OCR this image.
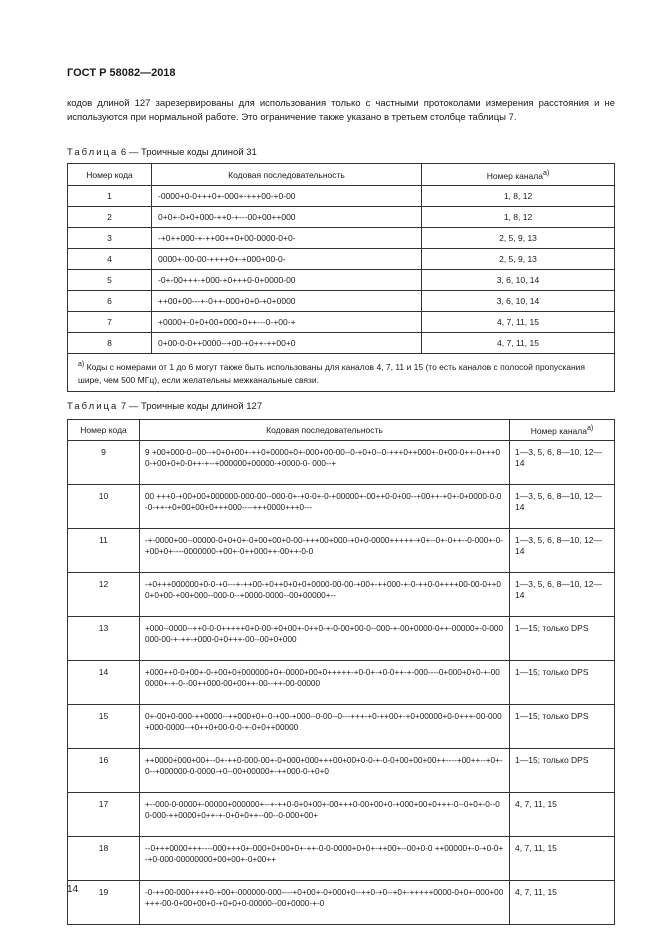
ГОСТ Р 58082—2018

кодов длиной 127 зарезервированы для использования только с частными протоколами измерения расстояния и не используются при нормальной работе. Это ограничение также указано в третьем столбце таблицы 7.

Таблица 6 — Троичные коды длиной 31
Номер кода	Кодовая последовательность	Номер канала$^{a)}$
1	-0000+0-0+++0+-000+-+++00-+0-00	1, 8, 12
2	0+0+-0+0+000-++0-+---00+00++000	1, 8, 12
3	-+0++000-+-++00++0+00-0000-0+0-	2, 5, 9, 13
4	0000+-00-00-++++0+-+000+00-0-	2, 5, 9, 13
5	-0+-00+++-+000-+0+++0-0+0000-00	3, 6, 10, 14
6	++00+00---+-0++-000+0+0-+0+0000	3, 6, 10, 14
7	+0000+-0+0+00+000+0++---0-+00-+	4, 7, 11, 15
8	0+00-0-0++0000--+00-+0++-++00+0	4, 7, 11, 15
$^{a)}$ Коды с номерами от 1 до 6 могут также быть использованы для каналов 4, 7, 11 и 15 (то есть каналов с полосой пропускания шире, чем 500 МГц), если желательны межканальные связи.		
Таблица 7 — Троичные коды длиной 127
Номер кода	Кодовая последовательность	Номер канала$^{a)}$
9	9 +00+000-0--00--+0+0+00+-++0+0000+0+-000+00-00--0-+0+0--0-+++0++000+-0+00-0++-0+++00-+00+0+0-0++-+--+000000+00000-+0000-0- 000--+	1—3, 5, 6, 8—10, 12— 14
10	00 +++0-+00+00+000000-000-00--000-0+-+0-0+-0-+00000+-00++0-0+00--+00++-+0+-0+0000-0-0-0-++-+0+00+00+0+++000----+++0000+++0---	1—3, 5, 6, 8—10, 12—14
11	-+-0000+00--00000-0+0+0+-0+00+00+0-00-+++00+000-+0+0-0000+++++-+0+--0+-0++--0-000+-0-+00+0+----0000000-+00+-0++000++-00++-0-0	1—3, 5, 6, 8—10, 12—14
12	-+0+++000000+0-0-+0---+-++00-+0++0+0+0+0000-00-00-+00+-++000-+-0-++0-0++++00-00-0++00+0+00-+00+000--000-0--+0000-0000--00+00000+--	1—3, 5, 6, 8—10, 12—14
13	+000--0000--++0-0-0+++++0+0-00-+0+00+-0++0-+-0-00+00-0--000-+-00+0000-0++-00000+-0-000000-00-+-++-+000-0+0+++-00--00+0+000	1—15; только DPS
14	+000++0-0+00+-0-+00+0+000000+0+-0000+00+0+++++-+0-0+-+0-0++-+-000----0+000+0+0-+-000000+-+-0--00++000-00+00++-00--++-00-00000	1—15; только DPS
15	0+-00+0-000-++0000--++000+0+-0-+00-+000--0-00--0---+++-+0-++00+-+0+00000+0-0+++-00-000+000-0000--+0++0+00-0-0-+-0+0++00000	1—15; только DPS
16	++0000+000+00+--0+-++0-000-00+-0+000+000+++00+00+0-0-+-0-0+00+00+00++----+00++--+0+-0--+000000-0-0000-+0--00+00000+-++000-0-+0+0	1—15; только DPS
17	+--000-0-0000+-00000+000000+--+-++0-0+0+00+-00+++0-00+00+0-+000+00+0+++-0--0+0+-0--00-000-++0000+0++-+-0+0+0++--00--0-000+00+	4, 7, 11, 15
18	--0+++0000+++----000+++0+-000+0+00+0+-++-0-0-0000+0+0+-++00+--00+0-0 ++00000+-0-+0-0+-+0-000-00000000+00+00+-0+00++	4, 7, 11, 15
19	-0-++00-000++++0-+00+-000000-000----+0+00+-0+000+0--++0-+0--+0+-+++++0000-0+0+-000+00+++-00-0+00+00+0-+0+0+0-00000--00+0000-+-0	4, 7, 11, 15
14
